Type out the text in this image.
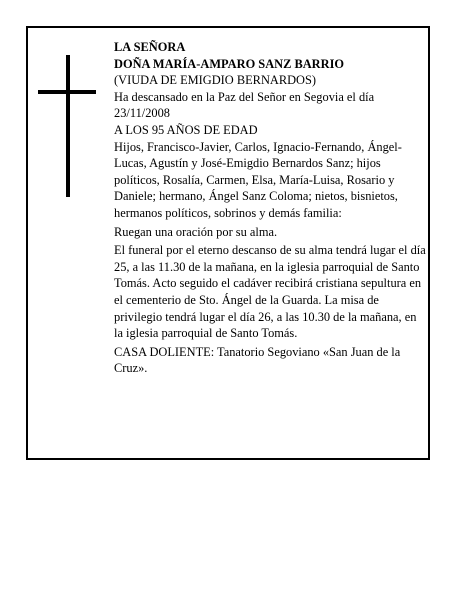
LA SEÑORA

DOÑA MARÍA-AMPARO SANZ BARRIO

(VIUDA DE EMIGDIO BERNARDOS)

Ha descansado en la Paz del Señor en Segovia el día 23/11/2008

A LOS 95 AÑOS DE EDAD

Hijos, Francisco-Javier, Carlos, Ignacio-Fernando, Ángel-Lucas, Agustín y José-Emigdio Bernardos Sanz; hijos políticos, Rosalía, Carmen, Elsa, María-Luisa, Rosario y Daniele; hermano, Ángel Sanz Coloma; nietos, bisnietos, hermanos políticos, sobrinos y demás familia:

Ruegan una oración por su alma.

El funeral por el eterno descanso de su alma tendrá lugar el día 25, a las 11.30 de la mañana, en la iglesia parroquial de Santo Tomás. Acto seguido el cadáver recibirá cristiana sepultura en el cementerio de Sto. Ángel de la Guarda. La misa de privilegio tendrá lugar el día 26, a las 10.30 de la mañana, en la iglesia parroquial de Santo Tomás.

CASA DOLIENTE: Tanatorio Segoviano «San Juan de la Cruz».
